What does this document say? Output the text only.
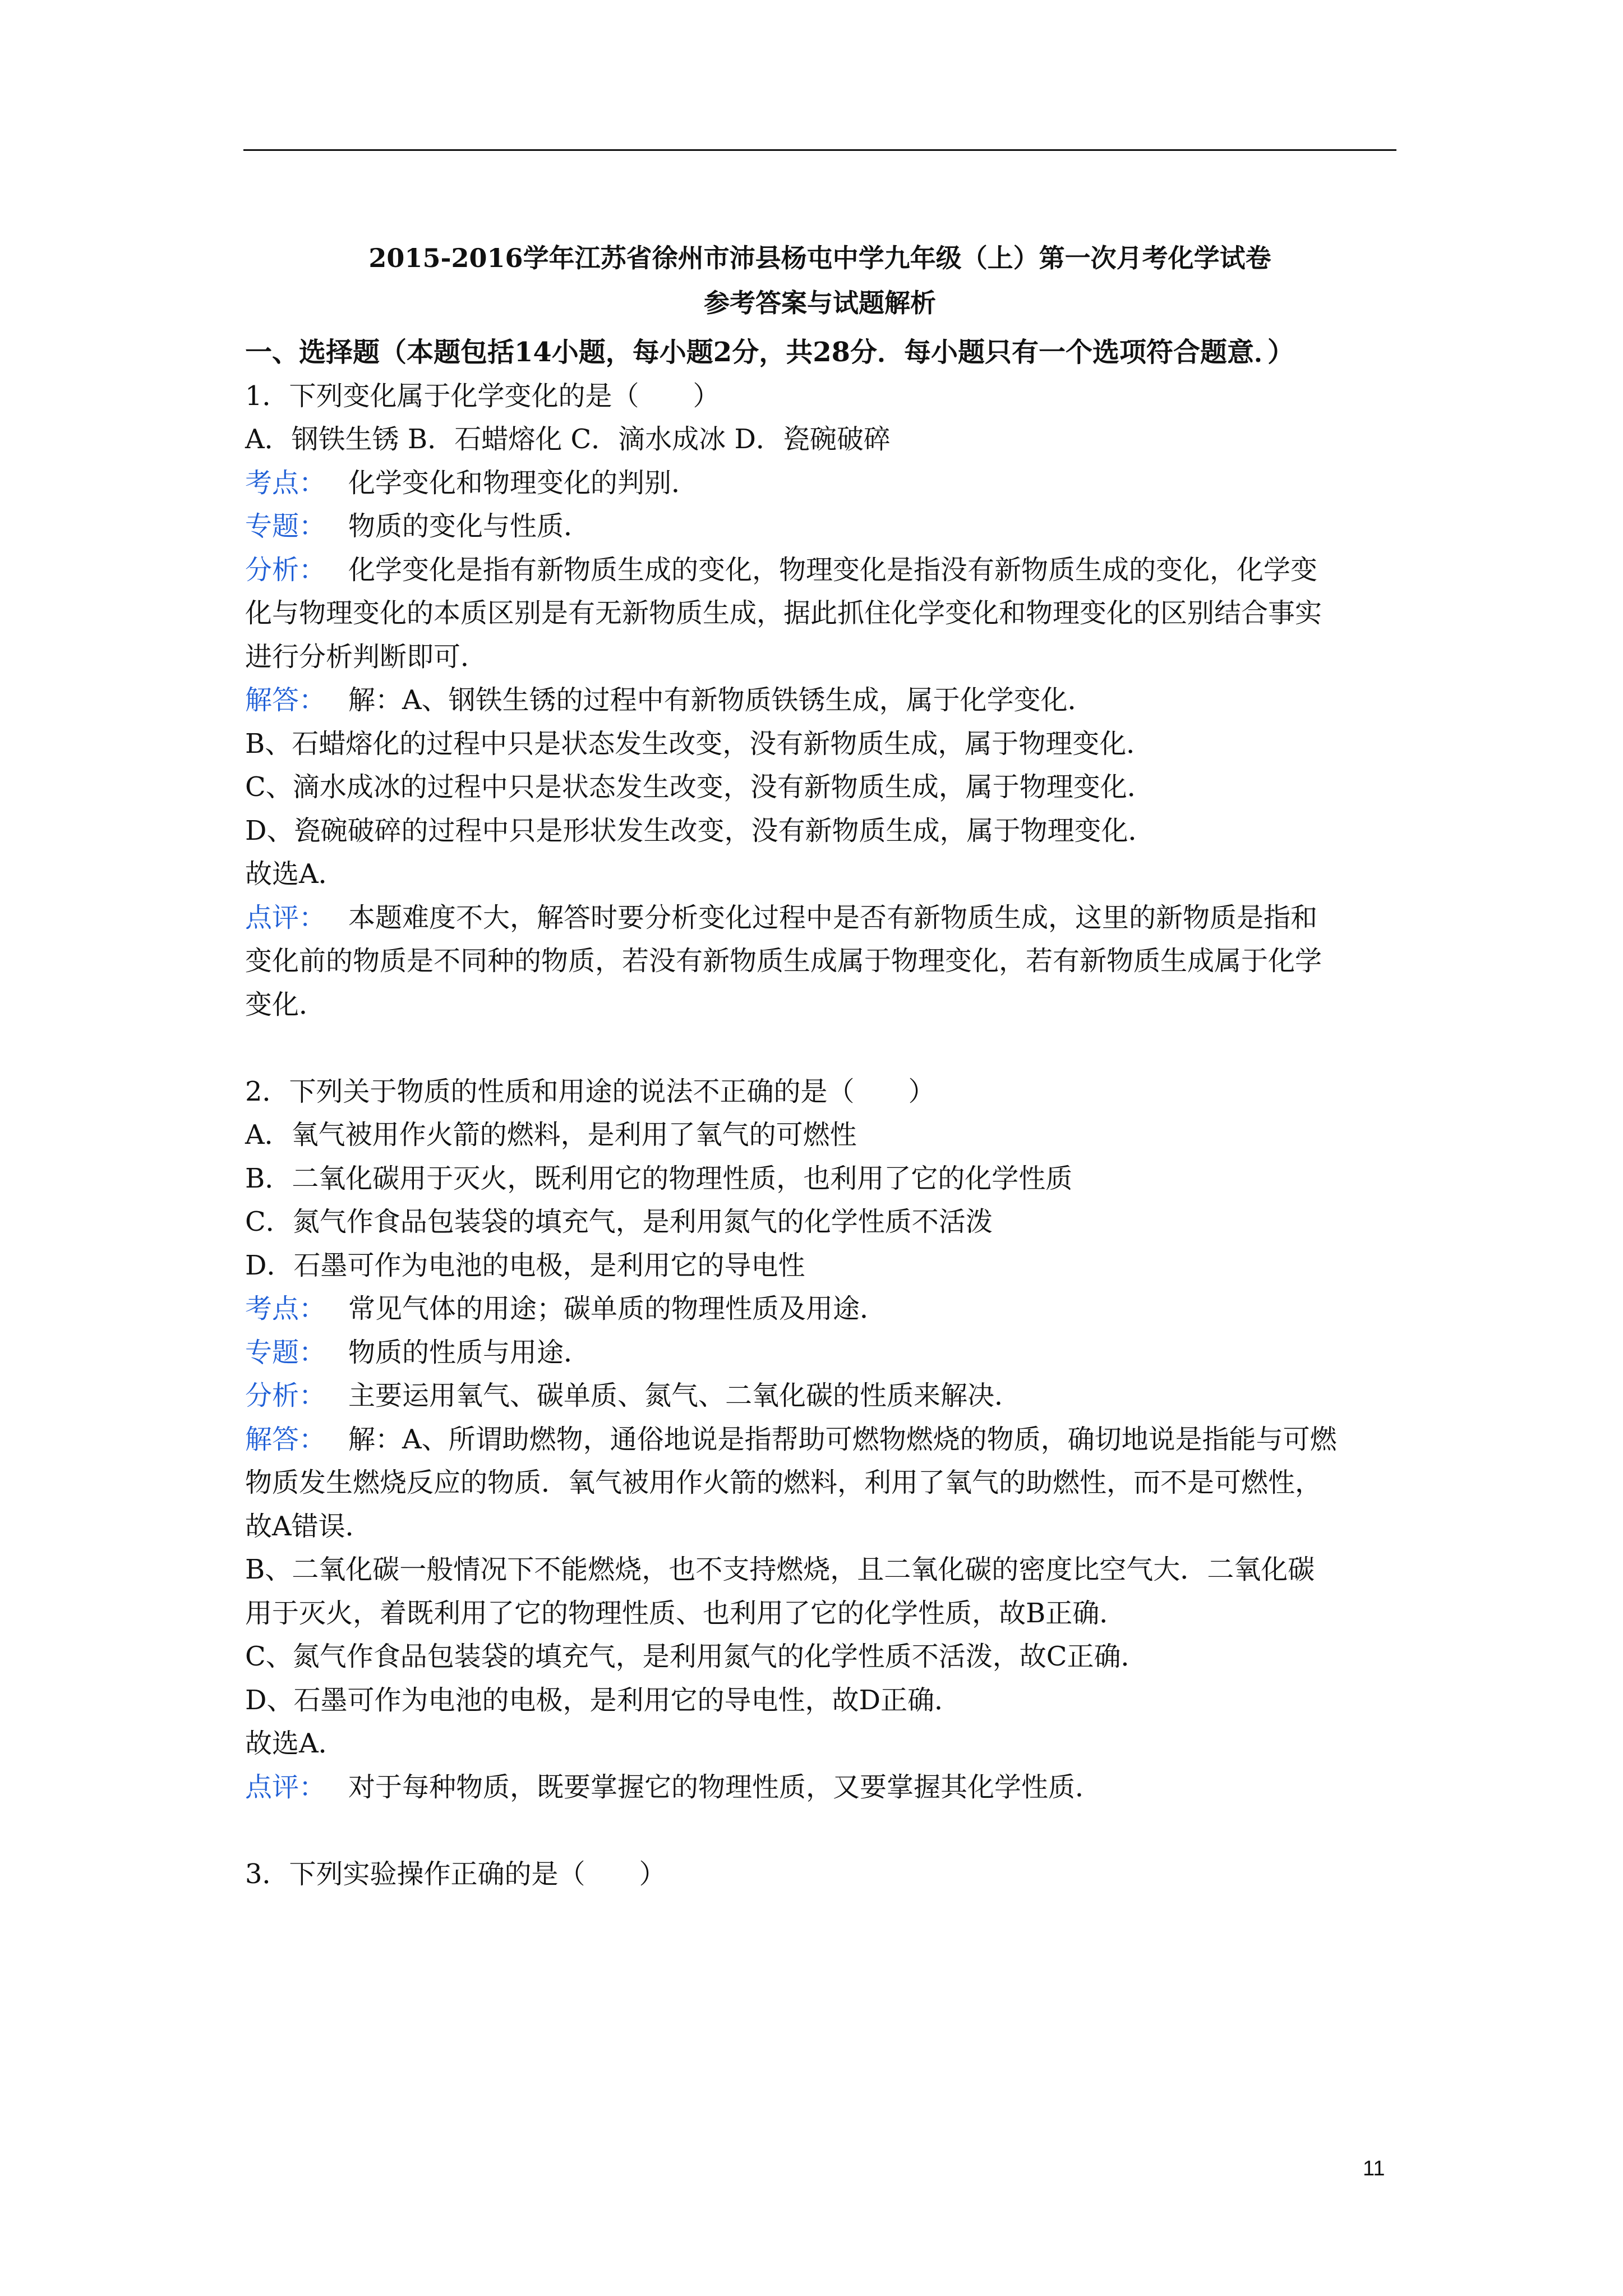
2015-2016学年江苏省徐州市沛县杨屯中学九年级（上）第一次月考化学试卷
参考答案与试题解析
一、选择题（本题包括14小题，每小题2分，共28分．每小题只有一个选项符合题意．）
1．下列变化属于化学变化的是（　　）
A．钢铁生锈 B．石蜡熔化 C．滴水成冰 D．瓷碗破碎
考点： 化学变化和物理变化的判别．
专题： 物质的变化与性质．
分析： 化学变化是指有新物质生成的变化，物理变化是指没有新物质生成的变化，化学变
化与物理变化的本质区别是有无新物质生成，据此抓住化学变化和物理变化的区别结合事实
进行分析判断即可．
解答： 解：A、钢铁生锈的过程中有新物质铁锈生成，属于化学变化．
B、石蜡熔化的过程中只是状态发生改变，没有新物质生成，属于物理变化．
C、滴水成冰的过程中只是状态发生改变，没有新物质生成，属于物理变化．
D、瓷碗破碎的过程中只是形状发生改变，没有新物质生成，属于物理变化．
故选A．
点评： 本题难度不大，解答时要分析变化过程中是否有新物质生成，这里的新物质是指和
变化前的物质是不同种的物质，若没有新物质生成属于物理变化，若有新物质生成属于化学
变化．
2．下列关于物质的性质和用途的说法不正确的是（　　）
A．氧气被用作火箭的燃料，是利用了氧气的可燃性
B．二氧化碳用于灭火，既利用它的物理性质，也利用了它的化学性质
C．氮气作食品包装袋的填充气，是利用氮气的化学性质不活泼
D．石墨可作为电池的电极，是利用它的导电性
考点： 常见气体的用途；碳单质的物理性质及用途．
专题： 物质的性质与用途．
分析： 主要运用氧气、碳单质、氮气、二氧化碳的性质来解决．
解答： 解：A、所谓助燃物，通俗地说是指帮助可燃物燃烧的物质，确切地说是指能与可燃
物质发生燃烧反应的物质．氧气被用作火箭的燃料，利用了氧气的助燃性，而不是可燃性，
故A错误．
B、二氧化碳一般情况下不能燃烧，也不支持燃烧，且二氧化碳的密度比空气大．二氧化碳
用于灭火，着既利用了它的物理性质、也利用了它的化学性质，故B正确．
C、氮气作食品包装袋的填充气，是利用氮气的化学性质不活泼，故C正确．
D、石墨可作为电池的电极，是利用它的导电性，故D正确．
故选A．
点评： 对于每种物质，既要掌握它的物理性质，又要掌握其化学性质．
3．下列实验操作正确的是（　　）
11
